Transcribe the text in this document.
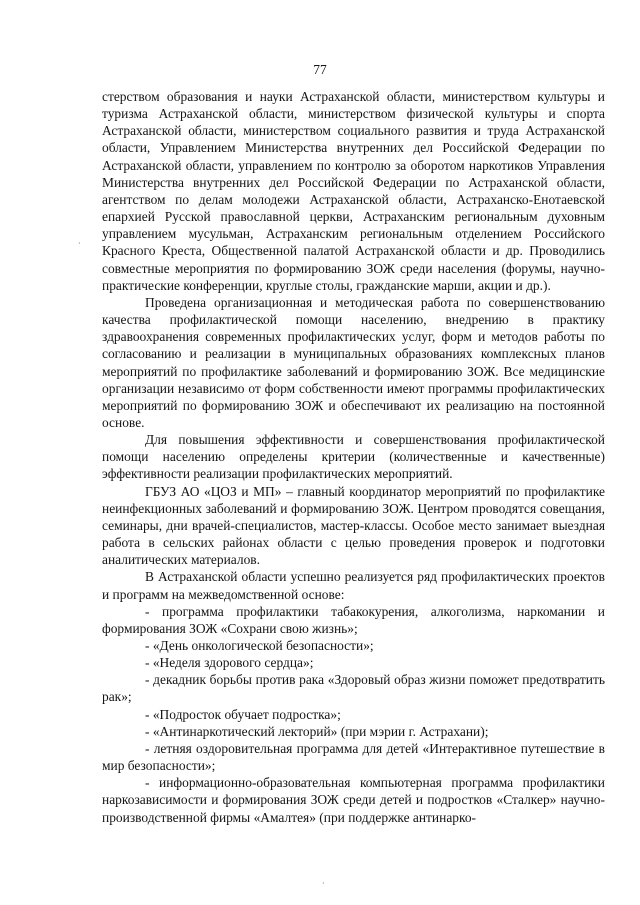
77

стерством образования и науки Астраханской области, министерством культуры и туризма Астраханской области, министерством физической культуры и спорта Астраханской области, министерством социального развития и труда Астраханской области, Управлением Министерства внутренних дел Российской Федерации по Астраханской области, управлением по контролю за оборотом наркотиков Управления Министерства внутренних дел Российской Федерации по Астраханской области, агентством по делам молодежи Астраханской области, Астраханско-Енотаевской епархией Русской православной церкви, Астраханским региональным духовным управлением мусульман, Астраханским региональным отделением Российского Красного Креста, Общественной палатой Астраханской области и др. Проводились совместные мероприятия по формированию ЗОЖ среди населения (форумы, научно-практические конференции, круглые столы, гражданские марши, акции и др.).

Проведена организационная и методическая работа по совершенствованию качества профилактической помощи населению, внедрению в практику здравоохранения современных профилактических услуг, форм и методов работы по согласованию и реализации в муниципальных образованиях комплексных планов мероприятий по профилактике заболеваний и формированию ЗОЖ. Все медицинские организации независимо от форм собственности имеют программы профилактических мероприятий по формированию ЗОЖ и обеспечивают их реализацию на постоянной основе.

Для повышения эффективности и совершенствования профилактической помощи населению определены критерии (количественные и качественные) эффективности реализации профилактических мероприятий.

ГБУЗ АО «ЦОЗ и МП» – главный координатор мероприятий по профилактике неинфекционных заболеваний и формированию ЗОЖ. Центром проводятся совещания, семинары, дни врачей-специалистов, мастер-классы. Особое место занимает выездная работа в сельских районах области с целью проведения проверок и подготовки аналитических материалов.

В Астраханской области успешно реализуется ряд профилактических проектов и программ на межведомственной основе:

- программа профилактики табакокурения, алкоголизма, наркомании и формирования ЗОЖ «Сохрани свою жизнь»;

- «День онкологической безопасности»;

- «Неделя здорового сердца»;

- декадник борьбы против рака «Здоровый образ жизни поможет предотвратить рак»;

- «Подросток обучает подростка»;

- «Антинаркотический лекторий» (при мэрии г. Астрахани);

- летняя оздоровительная программа для детей «Интерактивное путешествие в мир безопасности»;

- информационно-образовательная компьютерная программа профилактики наркозависимости и формирования ЗОЖ среди детей и подростков «Сталкер» научно-производственной фирмы «Амалтея» (при поддержке антинарко-

·
·
